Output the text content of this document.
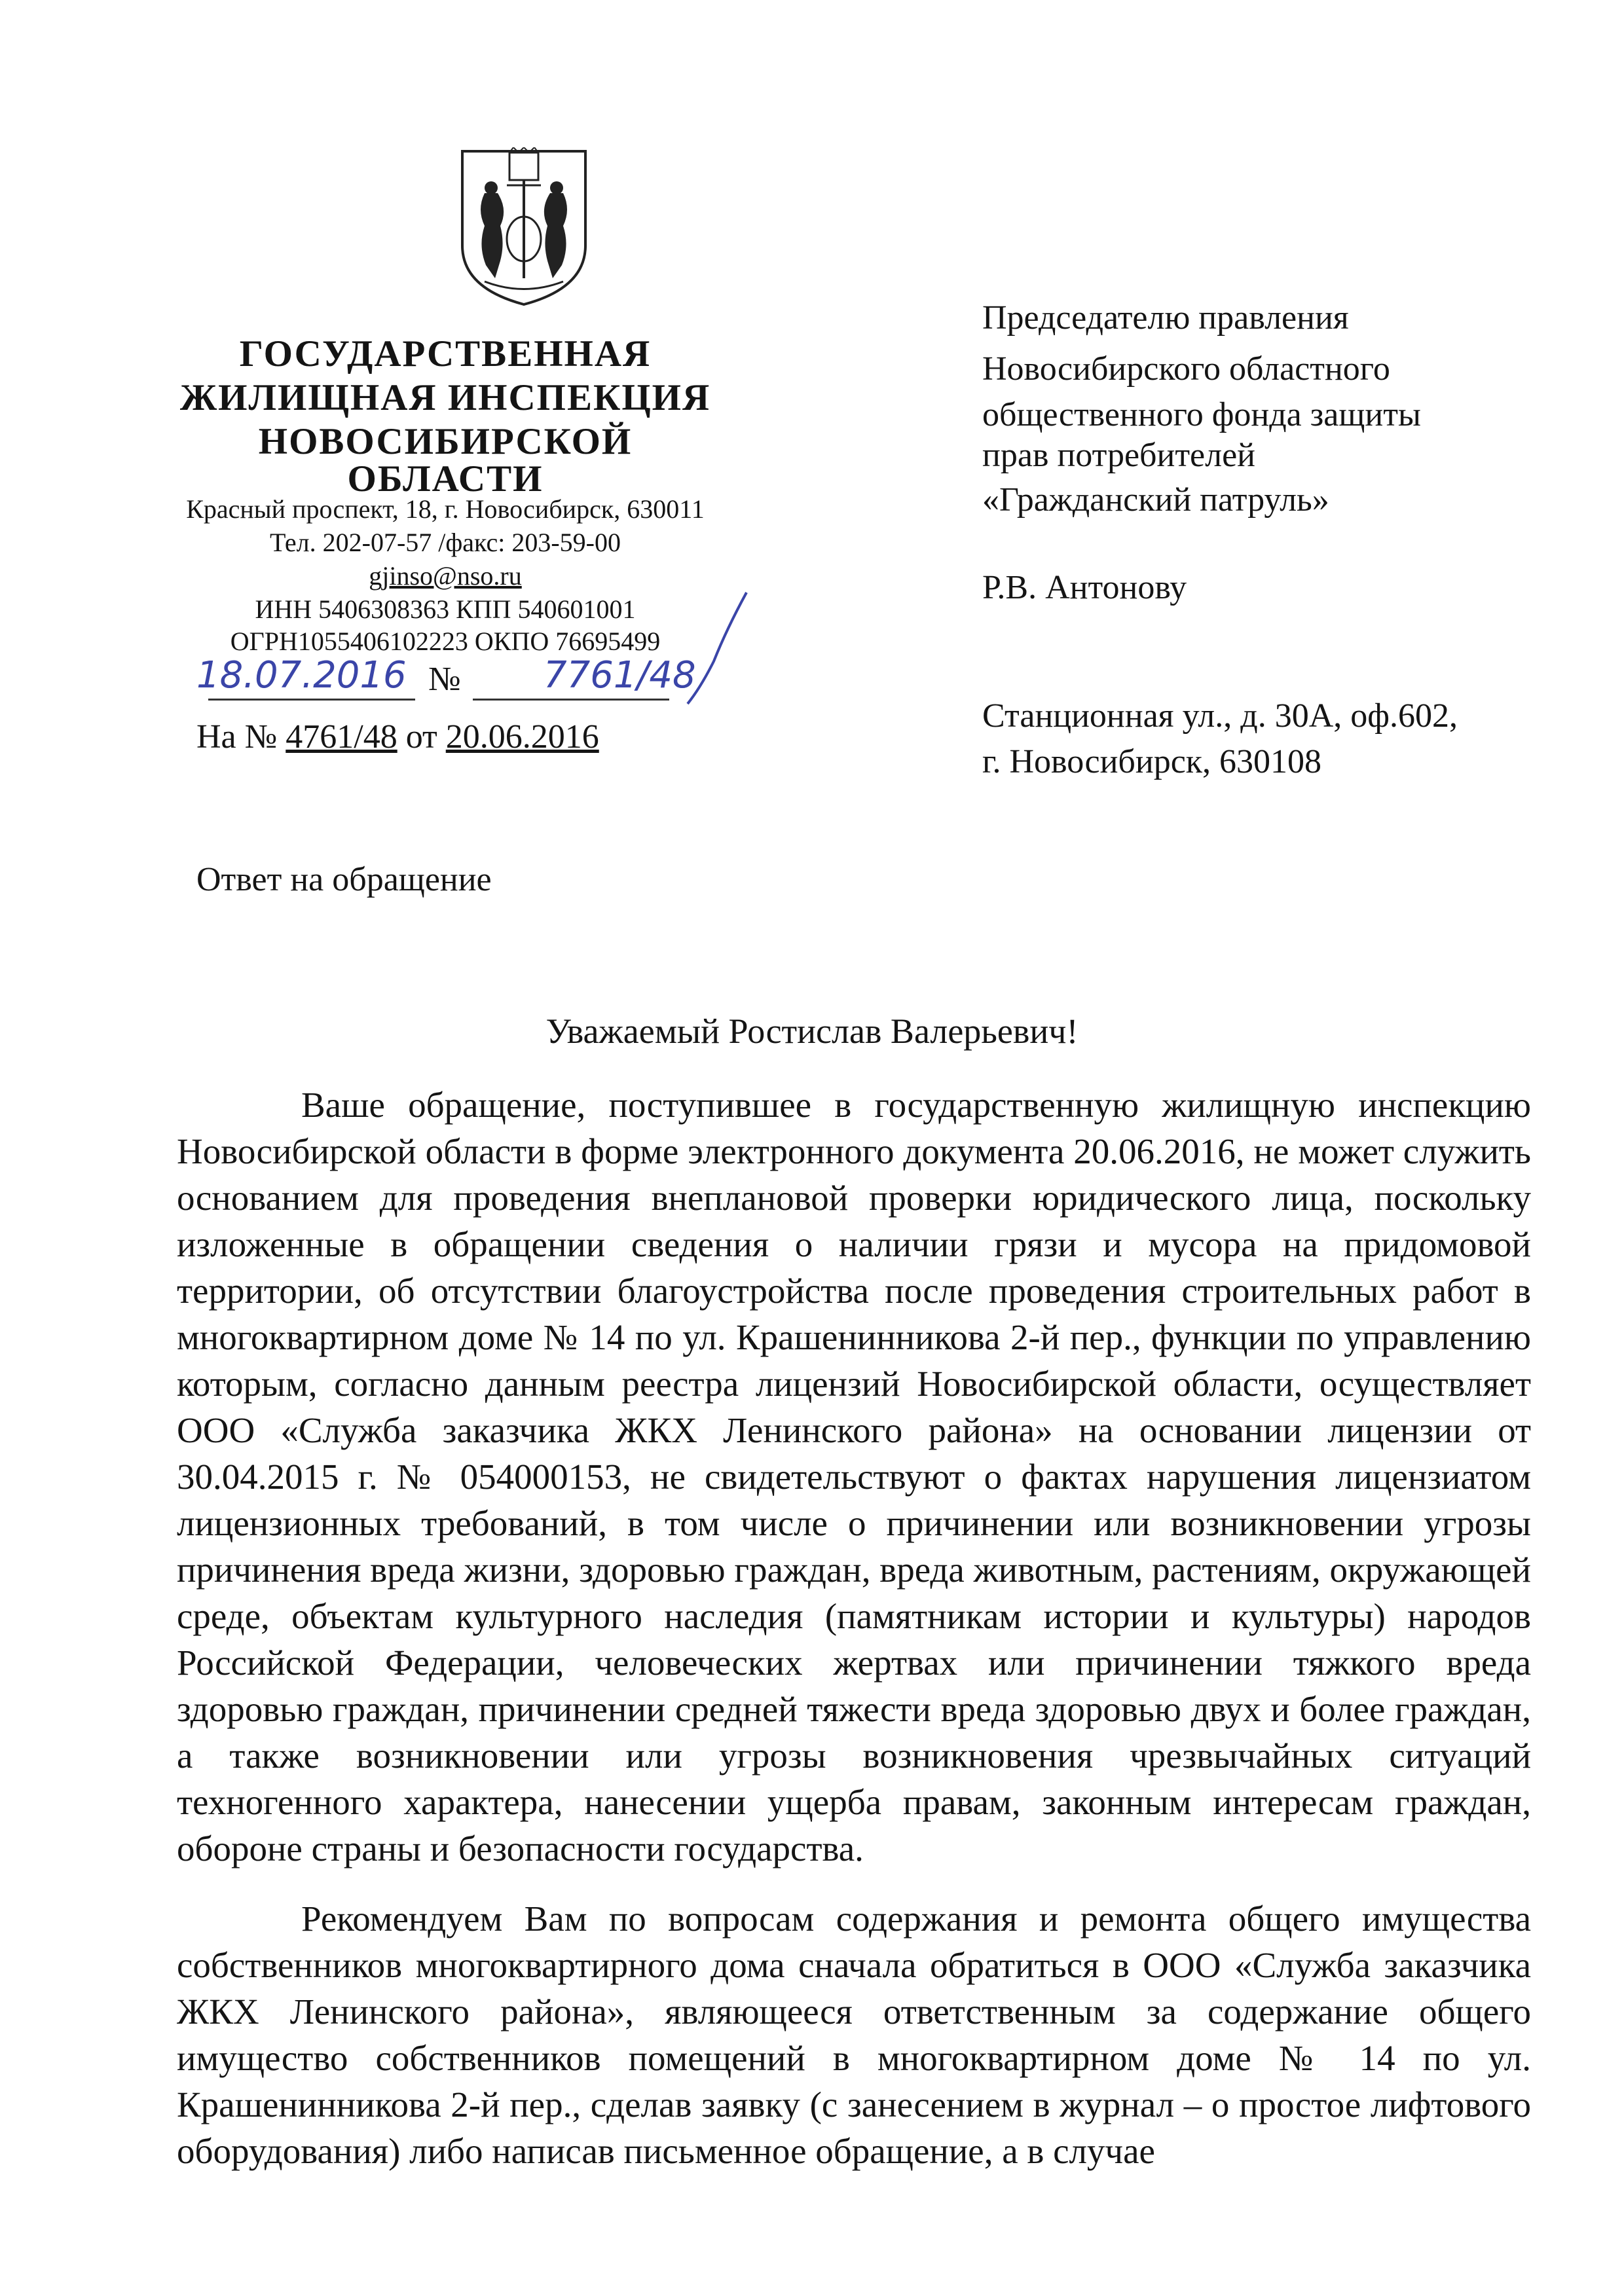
ГОСУДАРСТВЕННАЯ
ЖИЛИЩНАЯ ИНСПЕКЦИЯ
НОВОСИБИРСКОЙ ОБЛАСТИ
Красный проспект, 18, г. Новосибирск, 630011
Тел. 202-07-57 /факс: 203-59-00
gjinso@nso.ru
ИНН 5406308363 КПП 540601001
ОГРН1055406102223 ОКПО 76695499
18.07.2016 № 7761/48
На № 4761/48 от 20.06.2016
Председателю правления
Новосибирского областного
общественного фонда защиты
прав потребителей
«Гражданский патруль»
Р.В. Антонову
Станционная ул., д. 30А, оф.602,
г. Новосибирск, 630108
Ответ на обращение
Уважаемый Ростислав Валерьевич!

Ваше обращение, поступившее в государственную жилищную инспекцию Новосибирской области в форме электронного документа 20.06.2016, не может служить основанием для проведения внеплановой проверки юридического лица, поскольку изложенные в обращении сведения о наличии грязи и мусора на придомовой территории, об отсутствии благоустройства после проведения строительных работ в многоквартирном доме № 14 по ул. Крашенинникова 2-й пер., функции по управлению которым, согласно данным реестра лицензий Новосибирской области, осуществляет ООО «Служба заказчика ЖКХ Ленинского района» на основании лицензии от 30.04.2015 г. № 054000153, не свидетельствуют о фактах нарушения лицензиатом лицензионных требований, в том числе о причинении или возникновении угрозы причинения вреда жизни, здоровью граждан, вреда животным, растениям, окружающей среде, объектам культурного наследия (памятникам истории и культуры) народов Российской Федерации, человеческих жертвах или причинении тяжкого вреда здоровью граждан, причинении средней тяжести вреда здоровью двух и более граждан, а также возникновении или угрозы возникновения чрезвычайных ситуаций техногенного характера, нанесении ущерба правам, законным интересам граждан, обороне страны и безопасности государства.

Рекомендуем Вам по вопросам содержания и ремонта общего имущества собственников многоквартирного дома сначала обратиться в ООО «Служба заказчика ЖКХ Ленинского района», являющееся ответственным за содержание общего имущество собственников помещений в многоквартирном доме № 14 по ул. Крашенинникова 2-й пер., сделав заявку (с занесением в журнал – о простое лифтового оборудования) либо написав письменное обращение, а в случае
